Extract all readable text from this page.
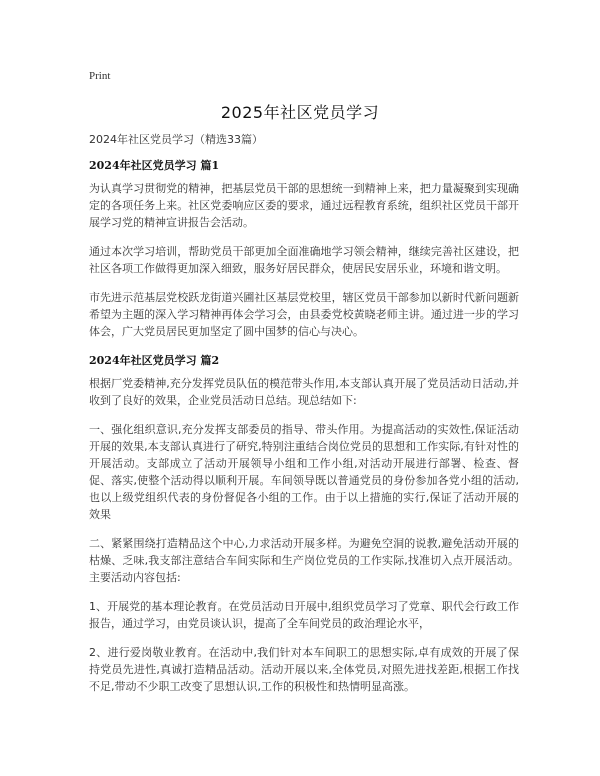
Print
2025年社区党员学习

2024年社区党员学习（精选33篇）

2024年社区党员学习 篇1

为认真学习贯彻党的精神，把基层党员干部的思想统一到精神上来，把力量凝聚到实现确定的各项任务上来。社区党委响应区委的要求，通过远程教育系统，组织社区党员干部开展学习党的精神宣讲报告会活动。

通过本次学习培训，帮助党员干部更加全面准确地学习领会精神，继续完善社区建设，把社区各项工作做得更加深入细致，服务好居民群众，使居民安居乐业，环境和谐文明。

市先进示范基层党校跃龙街道兴圃社区基层党校里，辖区党员干部参加以新时代新问题新希望为主题的深入学习精神再体会学习会，由县委党校黄晓老师主讲。通过进一步的学习体会，广大党员居民更加坚定了圆中国梦的信心与决心。

2024年社区党员学习 篇2

根据厂党委精神,充分发挥党员队伍的模范带头作用,本支部认真开展了党员活动日活动,并收到了良好的效果，企业党员活动日总结。现总结如下:

一、强化组织意识,充分发挥支部委员的指导、带头作用。为提高活动的实效性,保证活动开展的效果,本支部认真进行了研究,特别注重结合岗位党员的思想和工作实际,有针对性的开展活动。支部成立了活动开展领导小组和工作小组,对活动开展进行部署、检查、督促、落实,使整个活动得以顺利开展。车间领导既以普通党员的身份参加各党小组的活动,也以上级党组织代表的身份督促各小组的工作。由于以上措施的实行,保证了活动开展的效果

二、紧紧围绕打造精品这个中心,力求活动开展多样。为避免空洞的说教,避免活动开展的枯燥、乏味,我支部注意结合车间实际和生产岗位党员的工作实际,找准切入点开展活动。主要活动内容包括:

1、开展党的基本理论教育。在党员活动日开展中,组织党员学习了党章、职代会行政工作报告，通过学习，由党员谈认识，提高了全车间党员的政治理论水平，

2、进行爱岗敬业教育。在活动中,我们针对本车间职工的思想实际,卓有成效的开展了保持党员先进性,真诚打造精品活动。活动开展以来,全体党员,对照先进找差距,根据工作找不足,带动不少职工改变了思想认识,工作的积极性和热情明显高涨。
